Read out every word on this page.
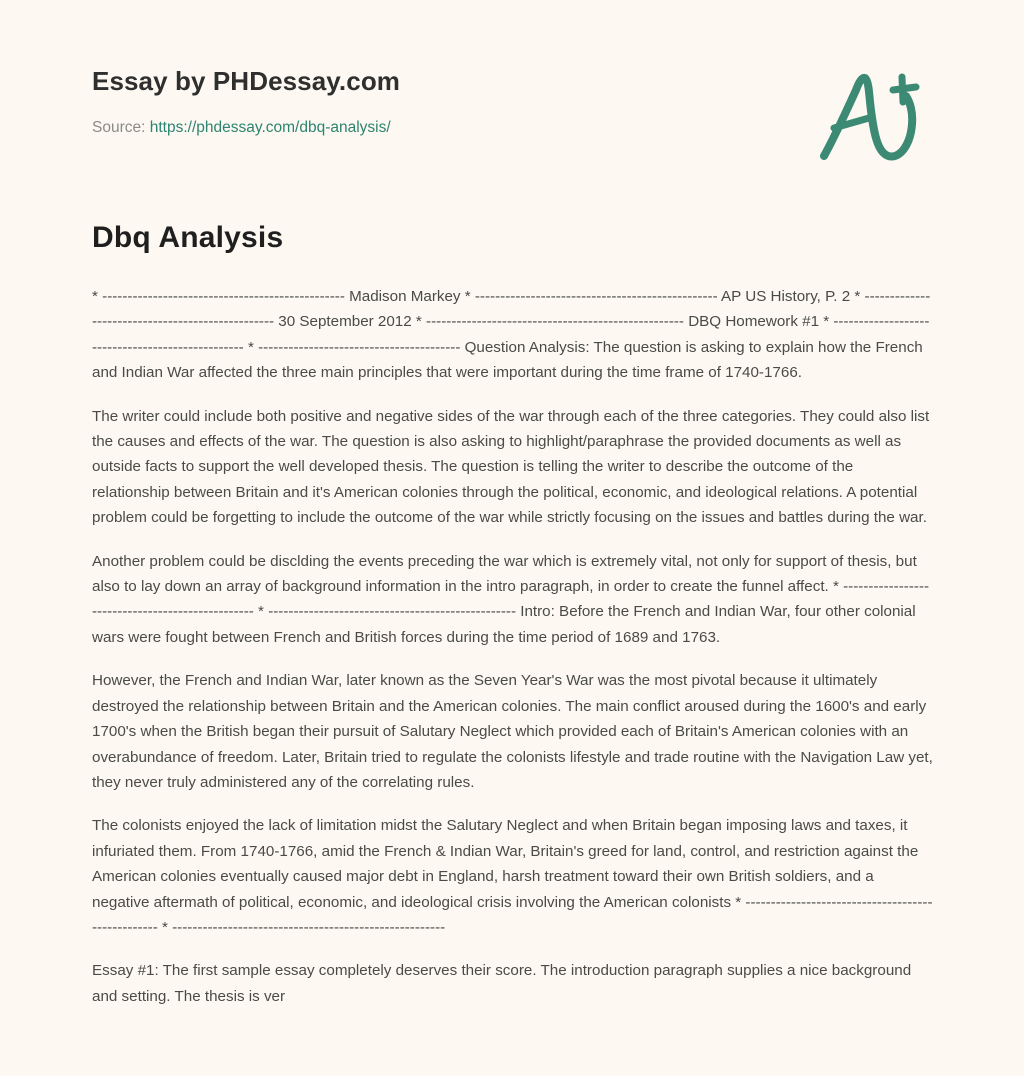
Essay by PHDessay.com
Source: https://phdessay.com/dbq-analysis/
Dbq Analysis

* ------------------------------------------------ Madison Markey * ------------------------------------------------ AP US History, P. 2 * ------------------------------------------------- 30 September 2012 * --------------------------------------------------- DBQ Homework #1 * ------------------------------------------------- * ---------------------------------------- Question Analysis: The question is asking to explain how the French and Indian War affected the three main principles that were important during the time frame of 1740-1766.

The writer could include both positive and negative sides of the war through each of the three categories. They could also list the causes and effects of the war. The question is also asking to highlight/paraphrase the provided documents as well as outside facts to support the well developed thesis. The question is telling the writer to describe the outcome of the relationship between Britain and it's American colonies through the political, economic, and ideological relations. A potential problem could be forgetting to include the outcome of the war while strictly focusing on the issues and battles during the war.

Another problem could be disclding the events preceding the war which is extremely vital, not only for support of thesis, but also to lay down an array of background information in the intro paragraph, in order to create the funnel affect. * ------------------------------------------------- * ------------------------------------------------- Intro: Before the French and Indian War, four other colonial wars were fought between French and British forces during the time period of 1689 and 1763.

However, the French and Indian War, later known as the Seven Year's War was the most pivotal because it ultimately destroyed the relationship between Britain and the American colonies. The main conflict aroused during the 1600's and early 1700's when the British began their pursuit of Salutary Neglect which provided each of Britain's American colonies with an overabundance of freedom. Later, Britain tried to regulate the colonists lifestyle and trade routine with the Navigation Law yet, they never truly administered any of the correlating rules.

The colonists enjoyed the lack of limitation midst the Salutary Neglect and when Britain began imposing laws and taxes, it infuriated them. From 1740-1766, amid the French & Indian War, Britain's greed for land, control, and restriction against the American colonies eventually caused major debt in England, harsh treatment toward their own British soldiers, and a negative aftermath of political, economic, and ideological crisis involving the American colonists * -------------------------------------------------- * ------------------------------------------------------

Essay #1: The first sample essay completely deserves their score. The introduction paragraph supplies a nice background and setting. The thesis is ver
